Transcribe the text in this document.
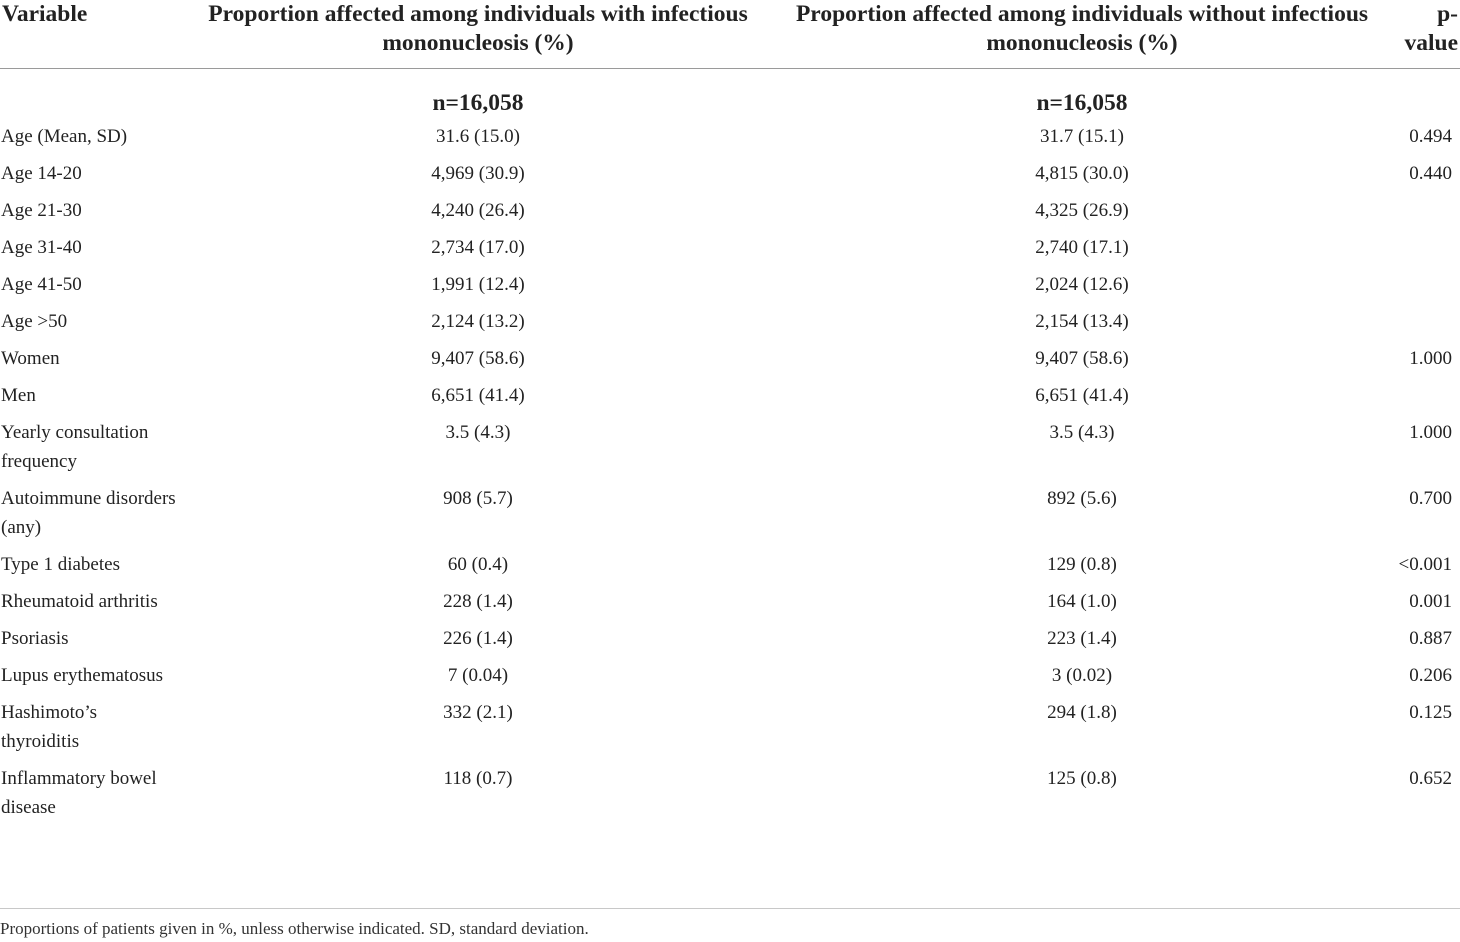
Variable	Proportion affected among individuals with infectious mononucleosis (%)	Proportion affected among individuals without infectious mononucleosis (%)	p-value
	n=16,058	n=16,058	
Age (Mean, SD)	31.6 (15.0)	31.7 (15.1)	0.494
Age 14-20	4,969 (30.9)	4,815 (30.0)	0.440
Age 21-30	4,240 (26.4)	4,325 (26.9)	
Age 31-40	2,734 (17.0)	2,740 (17.1)	
Age 41-50	1,991 (12.4)	2,024 (12.6)	
Age >50	2,124 (13.2)	2,154 (13.4)	
Women	9,407 (58.6)	9,407 (58.6)	1.000
Men	6,651 (41.4)	6,651 (41.4)	
Yearly consultation frequency	3.5 (4.3)	3.5 (4.3)	1.000
Autoimmune disorders (any)	908 (5.7)	892 (5.6)	0.700
Type 1 diabetes	60 (0.4)	129 (0.8)	<0.001
Rheumatoid arthritis	228 (1.4)	164 (1.0)	0.001
Psoriasis	226 (1.4)	223 (1.4)	0.887
Lupus erythematosus	7 (0.04)	3 (0.02)	0.206
Hashimoto’s thyroiditis	332 (2.1)	294 (1.8)	0.125
Inflammatory bowel disease	118 (0.7)	125 (0.8)	0.652
Proportions of patients given in %, unless otherwise indicated. SD, standard deviation.
